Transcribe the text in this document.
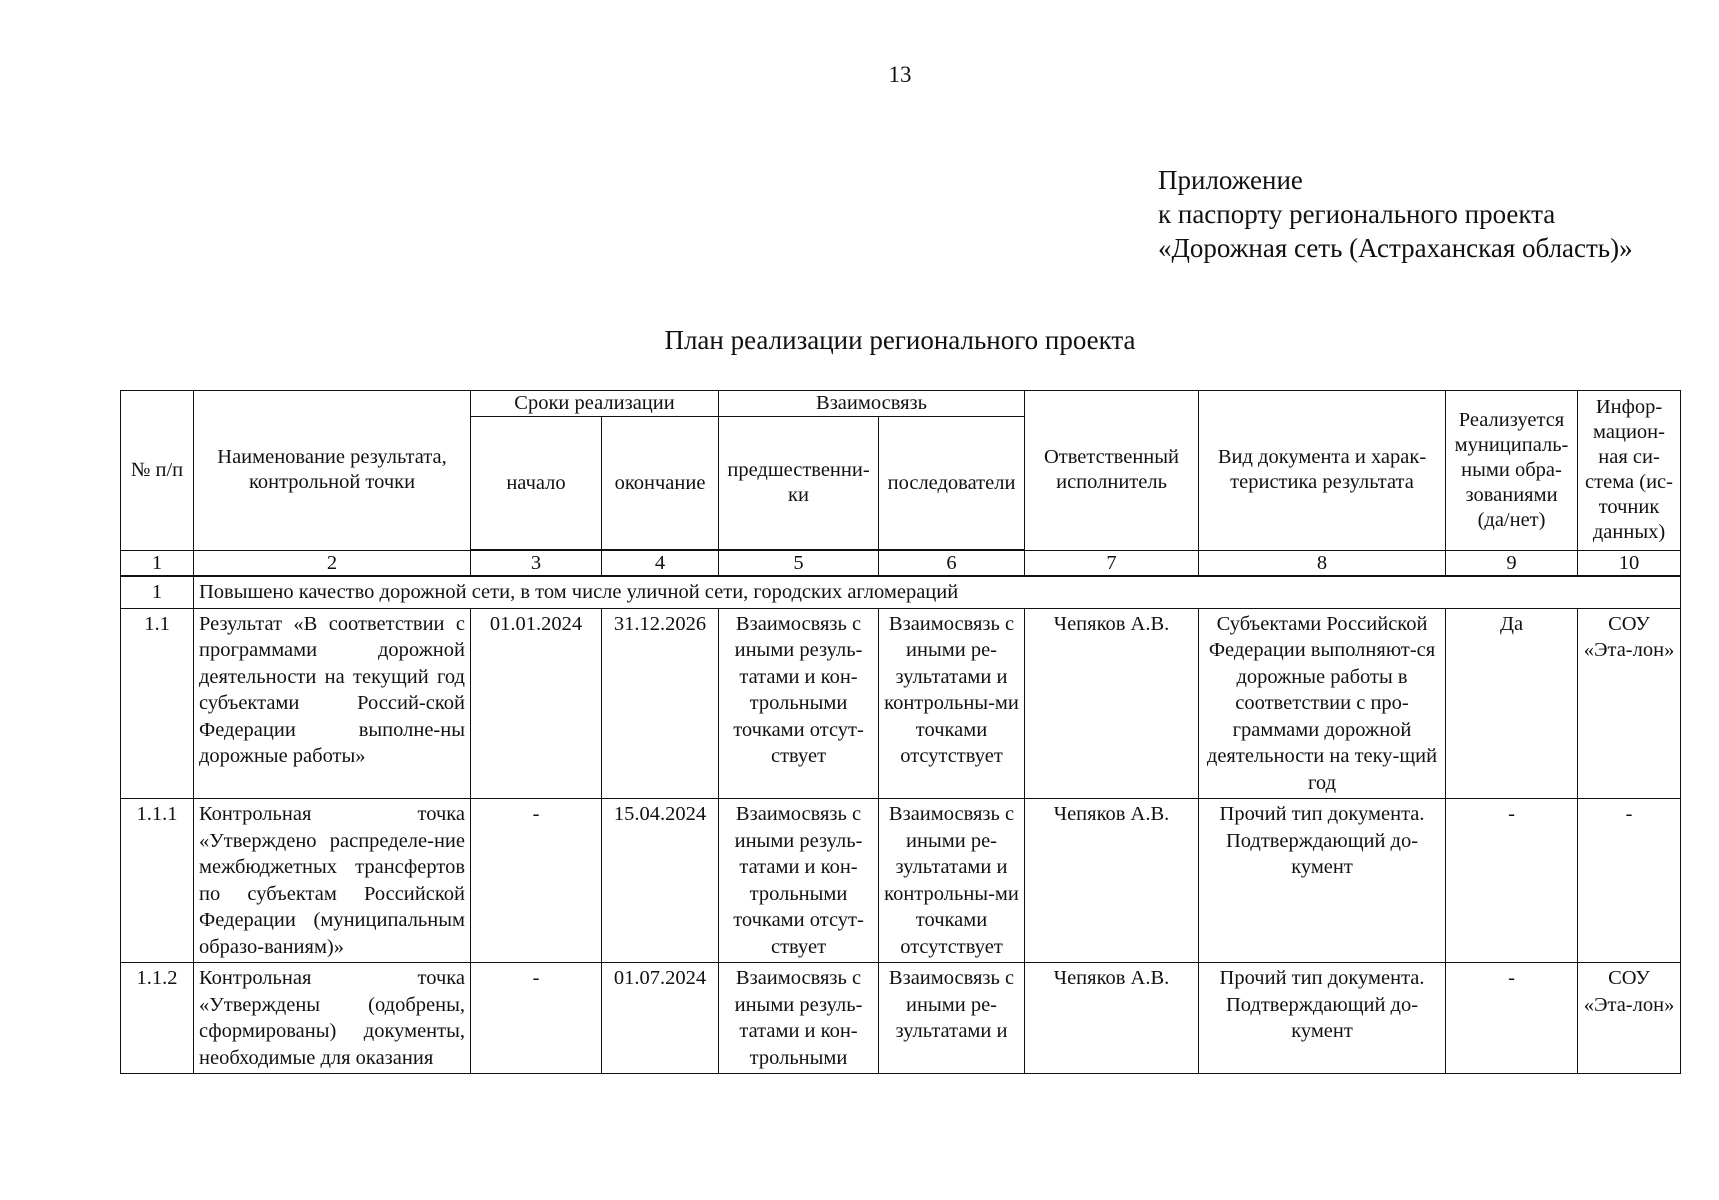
13
Приложение
к паспорту регионального проекта
«Дорожная сеть (Астраханская область)»
План реализации регионального проекта
№ п/п	Наименование результата, контрольной точки	Сроки реализации		Взаимосвязь		Ответственный исполнитель	Вид документа и харак-теристика результата	Реализуется муниципаль-ными обра-зованиями (да/нет)	Инфор-мацион-ная си-стема (ис-точник данных)
		начало	окончание	предшественни-ки	последователи				
1	2	3	4	5	6	7	8	9	10
1	Повышено качество дорожной сети, в том числе уличной сети, городских агломераций								
1.1	Результат «В соответствии с программами дорожной деятельности на текущий год субъектами Россий-ской Федерации выполне-ны дорожные работы»	01.01.2024	31.12.2026	Взаимосвязь с иными резуль-татами и кон-трольными точками отсут-ствует	Взаимосвязь с иными ре-зультатами и контрольны-ми точками отсутствует	Чепяков А.В.	Субъектами Российской Федерации выполняют-ся дорожные работы в соответствии с про-граммами дорожной деятельности на теку-щий год	Да	СОУ «Эта-лон»
1.1.1	Контрольная точка «Утверждено распределе-ние межбюджетных трансфертов по субъектам Российской Федерации (муниципальным образо-ваниям)»	-	15.04.2024	Взаимосвязь с иными резуль-татами и кон-трольными точками отсут-ствует	Взаимосвязь с иными ре-зультатами и контрольны-ми точками отсутствует	Чепяков А.В.	Прочий тип документа. Подтверждающий до-кумент	-	-
1.1.2	Контрольная точка «Утверждены (одобрены, сформированы) документы, необходимые для оказания	-	01.07.2024	Взаимосвязь с иными резуль-татами и кон-трольными	Взаимосвязь с иными ре-зультатами и	Чепяков А.В.	Прочий тип документа. Подтверждающий до-кумент	-	СОУ «Эта-лон»
